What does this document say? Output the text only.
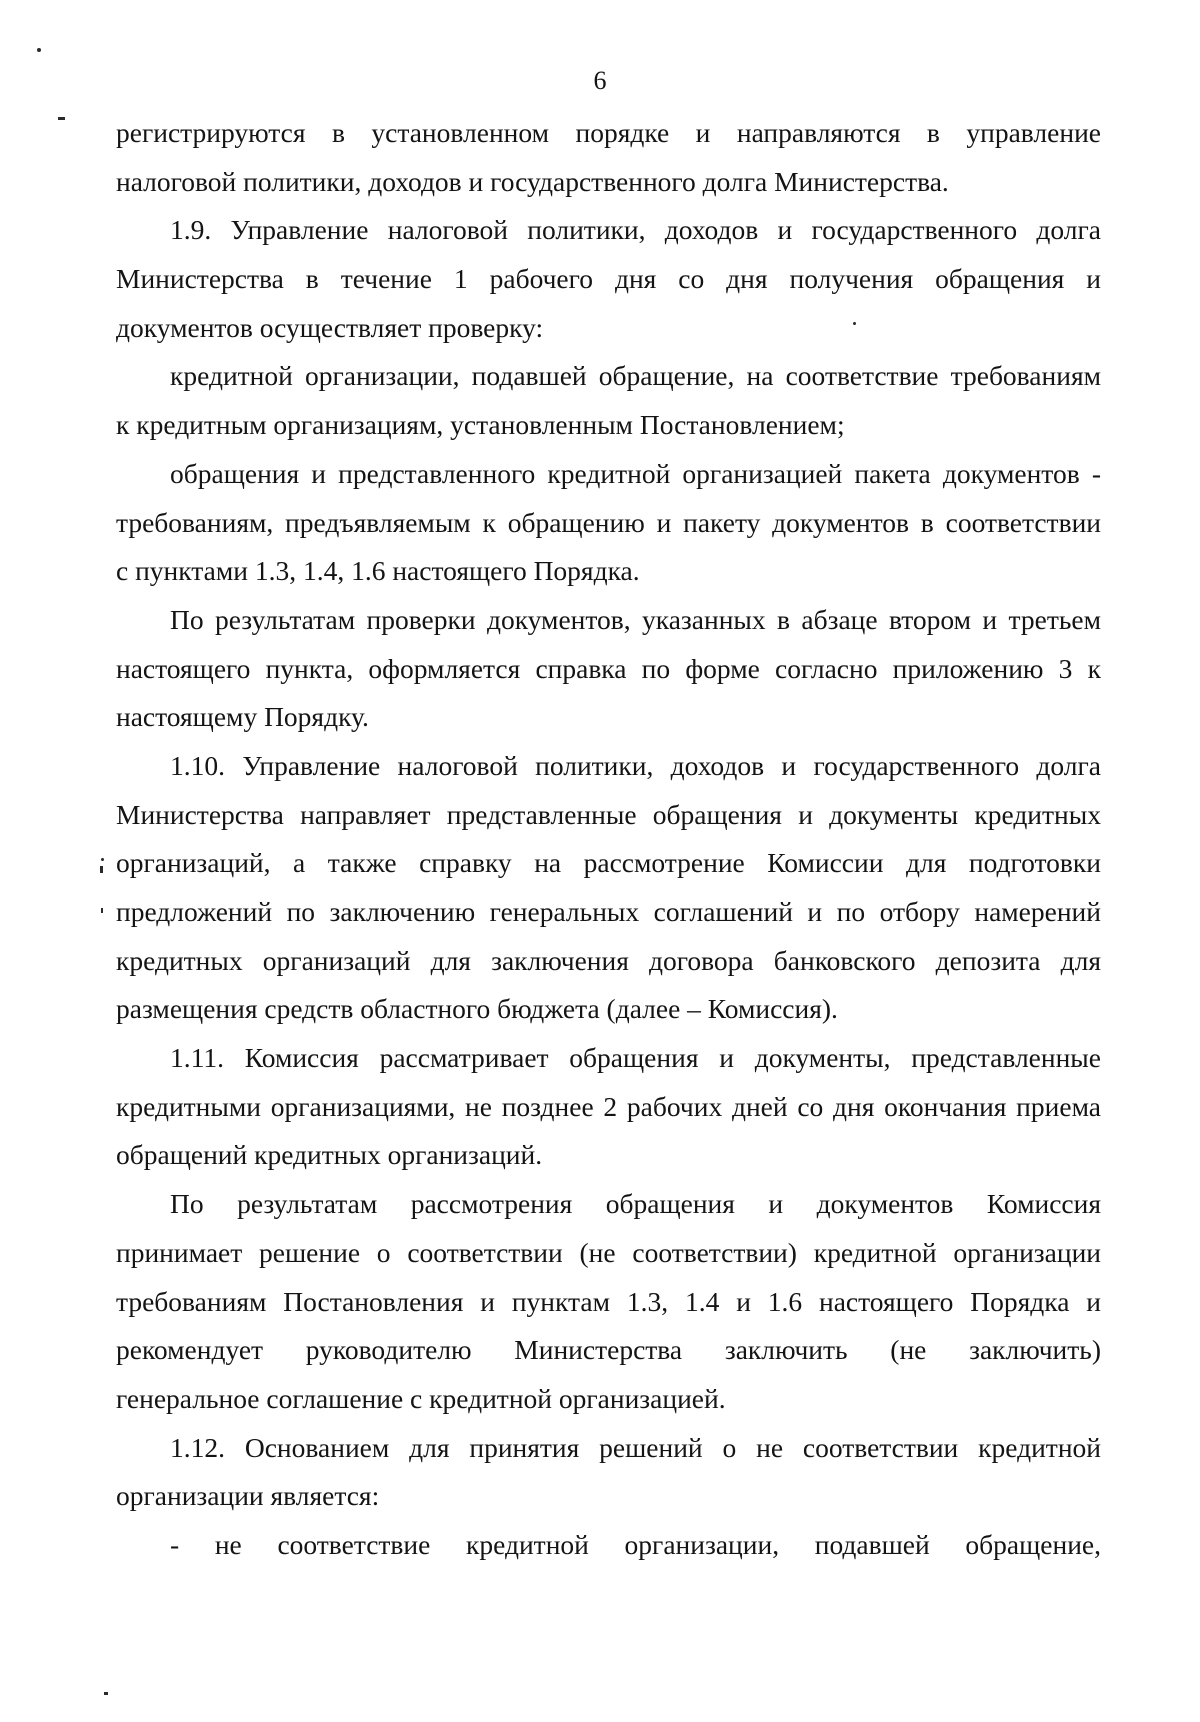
6
регистрируются в установленном порядке и направляются в управление
налоговой политики, доходов и государственного долга Министерства.
1.9. Управление налоговой политики, доходов и государственного долга
Министерства в течение 1 рабочего дня со дня получения обращения и
документов осуществляет проверку:
кредитной организации, подавшей обращение, на соответствие требованиям
к кредитным организациям, установленным Постановлением;
обращения и представленного кредитной организацией пакета документов -
требованиям, предъявляемым к обращению и пакету документов в соответствии
с пунктами 1.3, 1.4, 1.6 настоящего Порядка.
По результатам проверки документов, указанных в абзаце втором и третьем
настоящего пункта, оформляется справка по форме согласно приложению 3 к
настоящему Порядку.
1.10. Управление налоговой политики, доходов и государственного долга
Министерства направляет представленные обращения и документы кредитных
организаций, а также справку на рассмотрение Комиссии для подготовки
предложений по заключению генеральных соглашений и по отбору намерений
кредитных организаций для заключения договора банковского депозита для
размещения средств областного бюджета (далее – Комиссия).
1.11. Комиссия рассматривает обращения и документы, представленные
кредитными организациями, не позднее 2 рабочих дней со дня окончания приема
обращений кредитных организаций.
По результатам рассмотрения обращения и документов Комиссия
принимает решение о соответствии (не соответствии) кредитной организации
требованиям Постановления и пунктам 1.3, 1.4 и 1.6 настоящего Порядка и
рекомендует руководителю Министерства заключить (не заключить)
генеральное соглашение с кредитной организацией.
1.12. Основанием для принятия решений о не соответствии кредитной
организации является:
- не соответствие кредитной организации, подавшей обращение,
